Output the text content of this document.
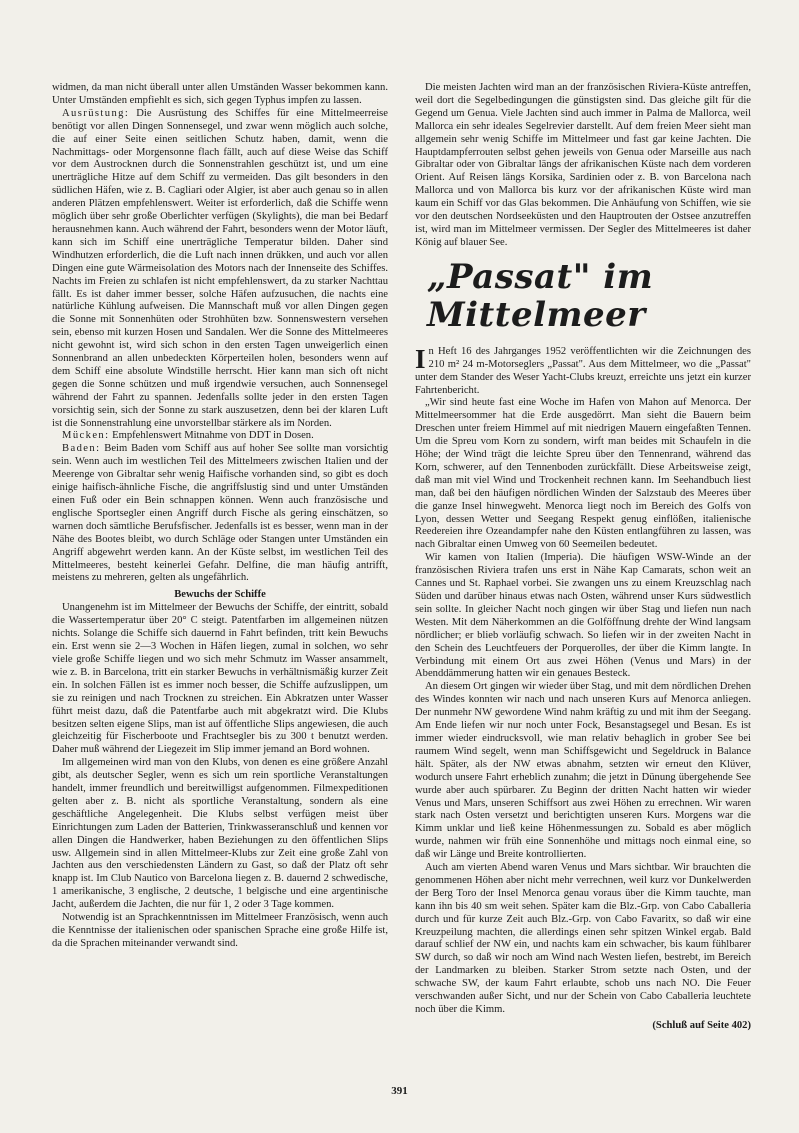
widmen, da man nicht überall unter allen Umständen Wasser bekommen kann. Unter Umständen empfiehlt es sich, sich gegen Typhus impfen zu lassen.

Ausrüstung: Die Ausrüstung des Schiffes für eine Mittelmeerreise benötigt vor allen Dingen Sonnensegel, und zwar wenn möglich auch solche, die auf einer Seite einen seitlichen Schutz haben, damit, wenn die Nachmittags- oder Morgensonne flach fällt, auch auf diese Weise das Schiff vor dem Austrocknen durch die Sonnenstrahlen geschützt ist, und um eine unerträgliche Hitze auf dem Schiff zu vermeiden. Das gilt besonders in den südlichen Häfen, wie z. B. Cagliari oder Algier, ist aber auch genau so in allen anderen Plätzen empfehlenswert. Weiter ist erforderlich, daß die Schiffe wenn möglich über sehr große Oberlichter verfügen (Skylights), die man bei Bedarf herausnehmen kann. Auch während der Fahrt, besonders wenn der Motor läuft, kann sich im Schiff eine unerträgliche Temperatur bilden. Daher sind Windhutzen erforderlich, die die Luft nach innen drükken, und auch vor allen Dingen eine gute Wärmeisolation des Motors nach der Innenseite des Schiffes. Nachts im Freien zu schlafen ist nicht empfehlenswert, da zu starker Nachttau fällt. Es ist daher immer besser, solche Häfen aufzusuchen, die nachts eine natürliche Kühlung aufweisen. Die Mannschaft muß vor allen Dingen gegen die Sonne mit Sonnenhüten oder Strohhüten bzw. Sonnenswestern versehen sein, ebenso mit kurzen Hosen und Sandalen. Wer die Sonne des Mittelmeeres nicht gewohnt ist, wird sich schon in den ersten Tagen unweigerlich einen Sonnenbrand an allen unbedeckten Körperteilen holen, besonders wenn auf dem Schiff eine absolute Windstille herrscht. Hier kann man sich oft nicht gegen die Sonne schützen und muß irgendwie versuchen, auch Sonnensegel während der Fahrt zu spannen. Jedenfalls sollte jeder in den ersten Tagen vorsichtig sein, sich der Sonne zu stark auszusetzen, denn bei der klaren Luft ist die Sonnenstrahlung eine unvorstellbar stärkere als im Norden.

Mücken: Empfehlenswert Mitnahme von DDT in Dosen.

Baden: Beim Baden vom Schiff aus auf hoher See sollte man vorsichtig sein. Wenn auch im westlichen Teil des Mittelmeers zwischen Italien und der Meerenge von Gibraltar sehr wenig Haifische vorhanden sind, so gibt es doch einige haifisch-ähnliche Fische, die angriffslustig sind und unter Umständen einen Fuß oder ein Bein schnappen können. Wenn auch französische und englische Sportsegler einen Angriff durch Fische als gering einschätzen, so warnen doch sämtliche Berufsfischer. Jedenfalls ist es besser, wenn man in der Nähe des Bootes bleibt, wo durch Schläge oder Stangen unter Umständen ein Angriff abgewehrt werden kann. An der Küste selbst, im westlichen Teil des Mittelmeeres, besteht keinerlei Gefahr. Delfine, die man häufig antrifft, meistens zu mehreren, gelten als ungefährlich.

Bewuchs der Schiffe

Unangenehm ist im Mittelmeer der Bewuchs der Schiffe, der eintritt, sobald die Wassertemperatur über 20° C steigt. Patentfarben im allgemeinen nützen nichts. Solange die Schiffe sich dauernd in Fahrt befinden, tritt kein Bewuchs ein. Erst wenn sie 2—3 Wochen in Häfen liegen, zumal in solchen, wo sehr viele große Schiffe liegen und wo sich mehr Schmutz im Wasser ansammelt, wie z. B. in Barcelona, tritt ein starker Bewuchs in verhältnismäßig kurzer Zeit ein. In solchen Fällen ist es immer noch besser, die Schiffe aufzuslippen, um sie zu reinigen und nach Trocknen zu streichen. Ein Abkratzen unter Wasser führt meist dazu, daß die Patentfarbe auch mit abgekratzt wird. Die Klubs besitzen selten eigene Slips, man ist auf öffentliche Slips angewiesen, die auch gleichzeitig für Fischerboote und Frachtsegler bis zu 300 t benutzt werden. Daher muß während der Liegezeit im Slip immer jemand an Bord wohnen.

Im allgemeinen wird man von den Klubs, von denen es eine größere Anzahl gibt, als deutscher Segler, wenn es sich um rein sportliche Veranstaltungen handelt, immer freundlich und bereitwilligst aufgenommen. Filmexpeditionen gelten aber z. B. nicht als sportliche Veranstaltung, sondern als eine geschäftliche Angelegenheit. Die Klubs selbst verfügen meist über Einrichtungen zum Laden der Batterien, Trinkwasseranschluß und kennen vor allen Dingen die Handwerker, haben Beziehungen zu den öffentlichen Slips usw. Allgemein sind in allen Mittelmeer-Klubs zur Zeit eine große Zahl von Jachten aus den verschiedensten Ländern zu Gast, so daß der Platz oft sehr knapp ist. Im Club Nautico von Barcelona liegen z. B. dauernd 2 schwedische, 1 amerikanische, 3 englische, 2 deutsche, 1 belgische und eine argentinische Jacht, außerdem die Jachten, die nur für 1, 2 oder 3 Tage kommen.

Notwendig ist an Sprachkenntnissen im Mittelmeer Französisch, wenn auch die Kenntnisse der italienischen oder spanischen Sprache eine große Hilfe ist, da die Sprachen miteinander verwandt sind.

Die meisten Jachten wird man an der französischen Riviera-Küste antreffen, weil dort die Segelbedingungen die günstigsten sind. Das gleiche gilt für die Gegend um Genua. Viele Jachten sind auch immer in Palma de Mallorca, weil Mallorca ein sehr ideales Segelrevier darstellt. Auf dem freien Meer sieht man allgemein sehr wenig Schiffe im Mittelmeer und fast gar keine Jachten. Die Hauptdampferrouten selbst gehen jeweils von Genua oder Marseille aus nach Gibraltar oder von Gibraltar längs der afrikanischen Küste nach dem vorderen Orient. Auf Reisen längs Korsika, Sardinien oder z. B. von Barcelona nach Mallorca und von Mallorca bis kurz vor der afrikanischen Küste wird man kaum ein Schiff vor das Glas bekommen. Die Anhäufung von Schiffen, wie sie vor den deutschen Nordseeküsten und den Hauptrouten der Ostsee anzutreffen ist, wird man im Mittelmeer vermissen. Der Segler des Mittelmeeres ist daher König auf blauer See.

„Passat" im Mittelmeer

In Heft 16 des Jahrganges 1952 veröffentlichten wir die Zeichnungen des 210 m² 24 m-Motorseglers „Passat". Aus dem Mittelmeer, wo die „Passat" unter dem Stander des Weser Yacht-Clubs kreuzt, erreichte uns jetzt ein kurzer Fahrtenbericht.

„Wir sind heute fast eine Woche im Hafen von Mahon auf Menorca. Der Mittelmeersommer hat die Erde ausgedörrt. Man sieht die Bauern beim Dreschen unter freiem Himmel auf mit niedrigen Mauern eingefaßten Tennen. Um die Spreu vom Korn zu sondern, wirft man beides mit Schaufeln in die Höhe; der Wind trägt die leichte Spreu über den Tennenrand, während das Korn, schwerer, auf den Tennenboden zurückfällt. Diese Arbeitsweise zeigt, daß man mit viel Wind und Trockenheit rechnen kann. Im Seehandbuch liest man, daß bei den häufigen nördlichen Winden der Salzstaub des Meeres über die ganze Insel hinwegweht. Menorca liegt noch im Bereich des Golfs von Lyon, dessen Wetter und Seegang Respekt genug einflößen, italienische Reedereien ihre Ozeandampfer nahe den Küsten entlangführen zu lassen, was nach Gibraltar einen Umweg von 60 Seemeilen bedeutet.

Wir kamen von Italien (Imperia). Die häufigen WSW-Winde an der französischen Riviera trafen uns erst in Nähe Kap Camarats, schon weit an Cannes und St. Raphael vorbei. Sie zwangen uns zu einem Kreuzschlag nach Süden und darüber hinaus etwas nach Osten, während unser Kurs südwestlich sein sollte. In gleicher Nacht noch gingen wir über Stag und liefen nun nach Westen. Mit dem Näherkommen an die Golföffnung drehte der Wind langsam nördlicher; er blieb vorläufig schwach. So liefen wir in der zweiten Nacht in den Schein des Leuchtfeuers der Porquerolles, der über die Kimm langte. In Verbindung mit einem Ort aus zwei Höhen (Venus und Mars) in der Abenddämmerung hatten wir ein genaues Besteck.

An diesem Ort gingen wir wieder über Stag, und mit dem nördlichen Drehen des Windes konnten wir nach und nach unseren Kurs auf Menorca anliegen. Der nunmehr NW gewordene Wind nahm kräftig zu und mit ihm der Seegang. Am Ende liefen wir nur noch unter Fock, Besanstagsegel und Besan. Es ist immer wieder eindrucksvoll, wie man relativ behaglich in grober See bei raumem Wind segelt, wenn man Schiffsgewicht und Segeldruck in Balance hält. Später, als der NW etwas abnahm, setzten wir erneut den Klüver, wodurch unsere Fahrt erheblich zunahm; die jetzt in Dünung übergehende See wurde aber auch spürbarer. Zu Beginn der dritten Nacht hatten wir wieder Venus und Mars, unseren Schiffsort aus zwei Höhen zu errechnen. Wir waren stark nach Osten versetzt und berichtigten unseren Kurs. Morgens war die Kimm unklar und ließ keine Höhenmessungen zu. Sobald es aber möglich wurde, nahmen wir früh eine Sonnenhöhe und mittags noch einmal eine, so daß wir Länge und Breite kontrollierten.

Auch am vierten Abend waren Venus und Mars sichtbar. Wir brauchten die genommenen Höhen aber nicht mehr verrechnen, weil kurz vor Dunkelwerden der Berg Toro der Insel Menorca genau voraus über die Kimm tauchte, man kann ihn bis 40 sm weit sehen. Später kam die Blz.-Grp. von Cabo Caballeria durch und für kurze Zeit auch Blz.-Grp. von Cabo Favaritx, so daß wir eine Kreuzpeilung machten, die allerdings einen sehr spitzen Winkel ergab. Bald darauf schlief der NW ein, und nachts kam ein schwacher, bis kaum fühlbarer SW durch, so daß wir noch am Wind nach Westen liefen, bestrebt, im Bereich der Landmarken zu bleiben. Starker Strom setzte nach Osten, und der schwache SW, der kaum Fahrt erlaubte, schob uns nach NO. Die Feuer verschwanden außer Sicht, und nur der Schein von Cabo Caballeria leuchtete noch über die Kimm.

(Schluß auf Seite 402)
391
